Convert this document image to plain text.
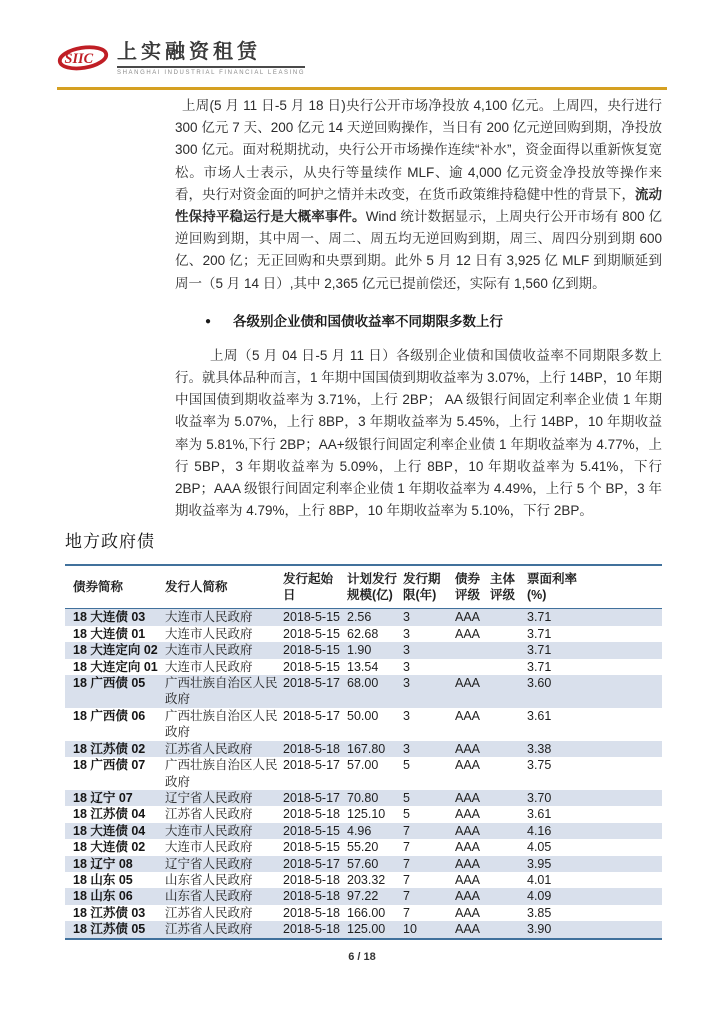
SIIC 上实融资租赁
SHANGHAI INDUSTRIAL FINANCIAL LEASING

上周(5 月 11 日-5 月 18 日)央行公开市场净投放 4,100 亿元。上周四，央行进行 300 亿元 7 天、200 亿元 14 天逆回购操作，当日有 200 亿元逆回购到期，净投放 300 亿元。面对税期扰动，央行公开市场操作连续“补水”，资金面得以重新恢复宽松。市场人士表示，从央行等量续作 MLF、逾 4,000 亿元资金净投放等操作来看，央行对资金面的呵护之情并未改变，在货币政策维持稳健中性的背景下，流动性保持平稳运行是大概率事件。Wind 统计数据显示，上周央行公开市场有 800 亿逆回购到期，其中周一、周二、周五均无逆回购到期，周三、周四分别到期 600 亿、200 亿；无正回购和央票到期。此外 5 月 12 日有 3,925 亿 MLF 到期顺延到周一（5 月 14 日）,其中 2,365 亿元已提前偿还，实际有 1,560 亿到期。

● 各级别企业债和国债收益率不同期限多数上行

上周（5 月 04 日-5 月 11 日）各级别企业债和国债收益率不同期限多数上行。就具体品种而言，1 年期中国国债到期收益率为 3.07%，上行 14BP，10 年期中国国债到期收益率为 3.71%，上行 2BP； AA 级银行间固定利率企业债 1 年期收益率为 5.07%，上行 8BP，3 年期收益率为 5.45%，上行 14BP，10 年期收益率为 5.81%,下行 2BP；AA+级银行间固定利率企业债 1 年期收益率为 4.77%，上行 5BP，3 年期收益率为 5.09%，上行 8BP，10 年期收益率为 5.41%，下行 2BP；AAA 级银行间固定利率企业债 1 年期收益率为 4.49%，上行 5 个 BP，3 年期收益率为 4.79%，上行 8BP，10 年期收益率为 5.10%，下行 2BP。

地方政府债
债券简称	发行人简称	发行起始日	计划发行规模(亿)	发行期限(年)	债券评级	主体评级	票面利率(%)
18 大连债 03	大连市人民政府	2018-5-15	2.56	3	AAA		3.71
18 大连债 01	大连市人民政府	2018-5-15	62.68	3	AAA		3.71
18 大连定向 02	大连市人民政府	2018-5-15	1.90	3			3.71
18 大连定向 01	大连市人民政府	2018-5-15	13.54	3			3.71
18 广西债 05	广西壮族自治区人民政府	2018-5-17	68.00	3	AAA		3.60
18 广西债 06	广西壮族自治区人民政府	2018-5-17	50.00	3	AAA		3.61
18 江苏债 02	江苏省人民政府	2018-5-18	167.80	3	AAA		3.38
18 广西债 07	广西壮族自治区人民政府	2018-5-17	57.00	5	AAA		3.75
18 辽宁 07	辽宁省人民政府	2018-5-17	70.80	5	AAA		3.70
18 江苏债 04	江苏省人民政府	2018-5-18	125.10	5	AAA		3.61
18 大连债 04	大连市人民政府	2018-5-15	4.96	7	AAA		4.16
18 大连债 02	大连市人民政府	2018-5-15	55.20	7	AAA		4.05
18 辽宁 08	辽宁省人民政府	2018-5-17	57.60	7	AAA		3.95
18 山东 05	山东省人民政府	2018-5-18	203.32	7	AAA		4.01
18 山东 06	山东省人民政府	2018-5-18	97.22	7	AAA		4.09
18 江苏债 03	江苏省人民政府	2018-5-18	166.00	7	AAA		3.85
18 江苏债 05	江苏省人民政府	2018-5-18	125.00	10	AAA		3.90
6 / 18
